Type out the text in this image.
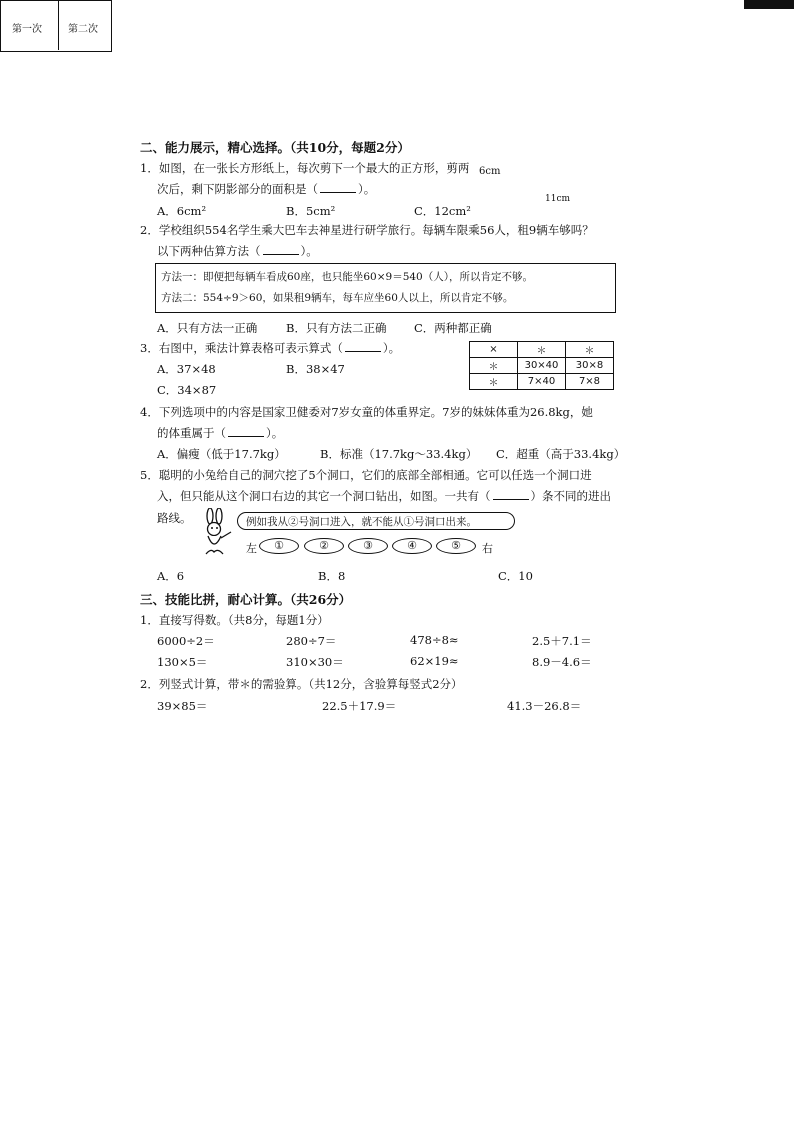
二、能力展示，精心选择。（共10分，每题2分）
1．如图，在一张长方形纸上，每次剪下一个最大的正方形，剪两
次后，剩下阴影部分的面积是（	）。
A．6cm²	B．5cm²	C．12cm²
6cm
第一次	第二次
11cm
2．学校组织554名学生乘大巴车去神星进行研学旅行。每辆车限乘56人，租9辆车够吗？
以下两种估算方法（	）。
方法一：即便把每辆车看成60座，也只能坐60×9＝540（人），所以肯定不够。
方法二：554÷9＞60，如果租9辆车，每车应坐60人以上，所以肯定不够。
A．只有方法一正确 B．只有方法二正确 C．两种都正确
3．右图中，乘法计算表格可表示算式（	）。
A．37×48	B．38×47
C．34×87
×	＊	＊
＊	30×40	30×8
＊	7×40	7×8
4．下列选项中的内容是国家卫健委对7岁女童的体重界定。7岁的妹妹体重为26.8kg，她
的体重属于（	）。
A．偏瘦（低于17.7kg）	B．标准（17.7kg～33.4kg） C．超重（高于33.4kg）
5．聪明的小兔给自己的洞穴挖了5个洞口，它们的底部全部相通。它可以任选一个洞口进
入，但只能从这个洞口右边的其它一个洞口钻出，如图。一共有（	）条不同的进出
路线。	例如我从②号洞口进入，就不能从①号洞口出来。
左	①	②	③	④	⑤	右
A．6	B．8	C．10
三、技能比拼，耐心计算。（共26分）
1．直接写得数。（共8分，每题1分）
6000÷2＝	280÷7＝	478÷8≈	2.5＋7.1＝
130×5＝	310×30＝	62×19≈	8.9－4.6＝
2．列竖式计算，带＊的需验算。（共12分，含验算每竖式2分）
39×85＝	22.5＋17.9＝	41.3－26.8＝
